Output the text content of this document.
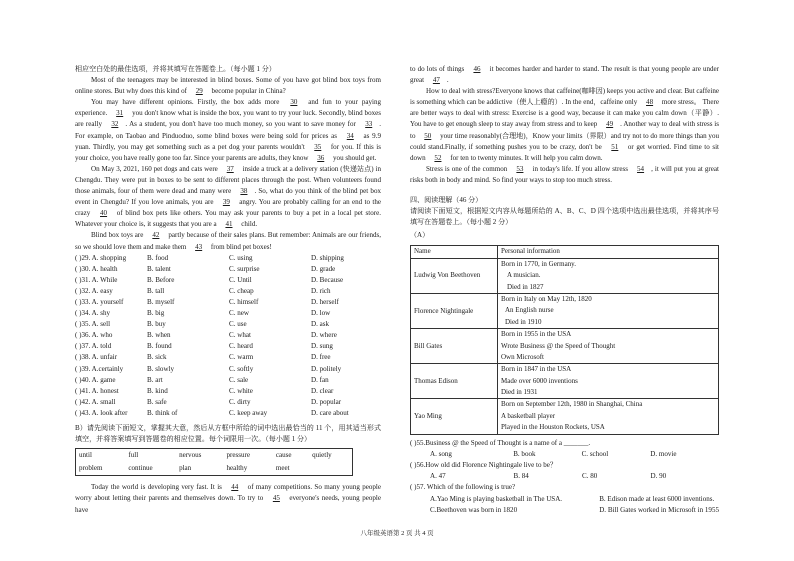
相应空白处的最佳选项，并将其填写在答题卷上。（每小题 1 分）

Most of the teenagers may be interested in blind boxes. Some of you have got blind box toys from online stores. But why does this kind of 29 become popular in China?

You may have different opinions. Firstly, the box adds more 30 and fun to your paying experience. 31 you don't know what is inside the box, you want to try your luck. Secondly, blind boxes are really 32 . As a student, you don't have too much money, so you want to save money for 33 . For example, on Taobao and Pinduoduo, some blind boxes were being sold for prices as 34 as 9.9 yuan. Thirdly, you may get something such as a pet dog your parents wouldn't 35 for you. If this is your choice, you have really gone too far. Since your parents are adults, they know 36 you should get.

On May 3, 2021, 160 pet dogs and cats were 37 inside a truck at a delivery station (快递站点) in Chengdu. They were put in boxes to be sent to different places through the post. When volunteers found those animals, four of them were dead and many were 38 . So, what do you think of the blind pet box event in Chengdu? If you love animals, you are 39 angry. You are probably calling for an end to the crazy 40 of blind box pets like others. You may ask your parents to buy a pet in a local pet store. Whatever your choice is, it suggests that you are a 41 child.

Blind box toys are 42 partly because of their sales plans. But remember: Animals are our friends, so we should love them and make them 43 from blind pet boxes!

( )29. A. shopping	B. food	C. using	D. shipping
( )30. A. health	B. talent	C. surprise	D. grade
( )31. A. While	B. Before	C. Until	D. Because
( )32. A. easy	B. tall	C. cheap	D. rich
( )33. A. yourself	B. myself	C. himself	D. herself
( )34. A. shy	B. big	C. new	D. low
( )35. A. sell	B. buy	C. use	D. ask
( )36. A. who	B. when	C. what	D. where
( )37. A. told	B. found	C. heard	D. sung
( )38. A. unfair	B. sick	C. warm	D. free
( )39. A.certainly	B. slowly	C. softly	D. politely
( )40. A. game	B. art	C. sale	D. fan
( )41. A. honest	B. kind	C. white	D. clear
( )42. A. small	B. safe	C. dirty	D. popular
( )43. A. look after	B. think of	C. keep away	D. care about

B）请先阅读下面短文，掌握其大意，然后从方框中所给的词中选出最恰当的 11 个，用其适当形式填空，并将答案填写到答题卷的相应位置。每个词限用一次。（每小题 1 分）

until	full	nervous	pressure	cause	quietly
problem	continue	plan	healthy	meet	

Today the world is developing very fast. It is 44 of many competitions. So many young people worry about letting their parents and themselves down. To try to 45 everyone's needs, young people have

to do lots of things 46 it becomes harder and harder to stand. The result is that young people are under great 47 .

How to deal with stress?Everyone knows that caffeine(咖啡因) keeps you active and clear. But caffeine is something which can be addictive（使人上瘾的）. In the end，caffeine only 48 more stress。 There are better ways to deal with stress: Exercise is a good way, because it can make you calm down（平静）. You have to get enough sleep to stay away from stress and to keep 49 . Another way to deal with stress is to 50 your time reasonably(合理地)，Know your limits（界限）and try not to do more things than you could stand.Finally, if something pushes you to be crazy, don't be 51 or get worried. Find time to sit down 52 for ten to twenty minutes. It will help you calm down.

Stress is one of the common 53 in today's life. If you allow stress 54 , it will put you at great risks both in body and mind. So find your ways to stop too much stress.

四、阅读理解（46 分）

请阅读下面短文，根据短文内容从每题所给的 A、B、C、D 四个选项中选出最佳选项，并将其序号填写在答题卷上。（每小题 2 分）

（A）

Name	Personal information

Ludwig Von Beethoven	Born in 1770, in Germany.
A musician.
Died in 1827

Florence Nightingale	Born in Italy on May 12th, 1820
An English nurse
Died in 1910

Bill Gates	Born in 1955 in the USA
Wrote Business @ the Speed of Thought
Own Microsoft

Thomas Edison	Born in 1847 in the USA
Made over 6000 inventions
Died in 1931

Yao Ming	Born on September 12th, 1980 in Shanghai, China
A basketball player
Played in the Houston Rockets, USA
( )55.Business @ the Speed of Thought is a name of a _______.
A. song	B. book	C. school	D. movie
( )56.How old did Florence Nightingale live to be？
A. 47	B. 84	C. 80	D. 90
( )57. Which of the following is true?
A.Yao Ming is playing basketball in The USA.	B. Edison made at least 6000 inventions.
C.Beethoven was born in 1820	D. Bill Gates worked in Microsoft in 1955
八年级英语第 2 页 共 4 页
